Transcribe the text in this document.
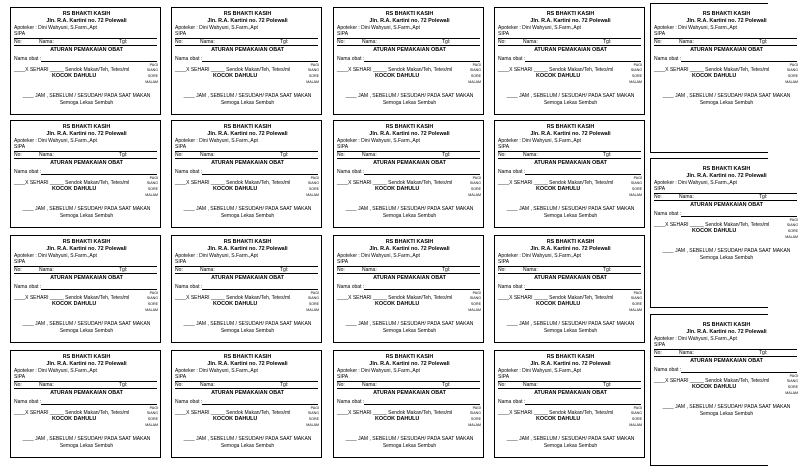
RS BHAKTI KASIH
Jln. R.A. Kartini no. 72 Polewali
Apoteker : Dini Wahyuni, S.Farm.,Apt
SIPA
No:	Nama:	Tgl:
ATURAN PEMAKAIAN OBAT
Nama obat :
PAGI
____X SEHARI _____ Sendok Makan/Teh, Tetes/ml	SIANG
KOCOK DAHULU	SORE
MALAM
____ JAM , SEBELUM / SESUDAH/ PADA SAAT MAKAN
Semoga Lekas Sembuh
RS BHAKTI KASIH
Jln. R.A. Kartini no. 72 Polewali
Apoteker : Dini Wahyuni, S.Farm.,Apt
SIPA
No:	Nama:	Tgl:
ATURAN PEMAKAIAN OBAT
Nama obat :
PAGI
____X SEHARI _____ Sendok Makan/Teh, Tetes/ml	SIANG
KOCOK DAHULU	SORE
MALAM
____ JAM , SEBELUM / SESUDAH/ PADA SAAT MAKAN
Semoga Lekas Sembuh
RS BHAKTI KASIH
Jln. R.A. Kartini no. 72 Polewali
Apoteker : Dini Wahyuni, S.Farm.,Apt
SIPA
No:	Nama:	Tgl:
ATURAN PEMAKAIAN OBAT
Nama obat :
PAGI
____X SEHARI _____ Sendok Makan/Teh, Tetes/ml	SIANG
KOCOK DAHULU	SORE
MALAM
____ JAM , SEBELUM / SESUDAH/ PADA SAAT MAKAN
Semoga Lekas Sembuh
RS BHAKTI KASIH
Jln. R.A. Kartini no. 72 Polewali
Apoteker : Dini Wahyuni, S.Farm.,Apt
SIPA
No:	Nama:	Tgl:
ATURAN PEMAKAIAN OBAT
Nama obat :
PAGI
____X SEHARI _____ Sendok Makan/Teh, Tetes/ml	SIANG
KOCOK DAHULU	SORE
MALAM
____ JAM , SEBELUM / SESUDAH/ PADA SAAT MAKAN
Semoga Lekas Sembuh
RS BHAKTI KASIH
Jln. R.A. Kartini no. 72 Polewali
Apoteker : Dini Wahyuni, S.Farm.,Apt
SIPA
No:	Nama:	Tgl:
ATURAN PEMAKAIAN OBAT
Nama obat :
PAGI
____X SEHARI _____ Sendok Makan/Teh, Tetes/ml	SIANG
KOCOK DAHULU	SORE
MALAM
____ JAM , SEBELUM / SESUDAH/ PADA SAAT MAKAN
Semoga Lekas Sembuh
RS BHAKTI KASIH
Jln. R.A. Kartini no. 72 Polewali
Apoteker : Dini Wahyuni, S.Farm.,Apt
SIPA
No:	Nama:	Tgl:
ATURAN PEMAKAIAN OBAT
Nama obat :
PAGI
____X SEHARI _____ Sendok Makan/Teh, Tetes/ml	SIANG
KOCOK DAHULU	SORE
MALAM
____ JAM , SEBELUM / SESUDAH/ PADA SAAT MAKAN
Semoga Lekas Sembuh
RS BHAKTI KASIH
Jln. R.A. Kartini no. 72 Polewali
Apoteker : Dini Wahyuni, S.Farm.,Apt
SIPA
No:	Nama:	Tgl:
ATURAN PEMAKAIAN OBAT
Nama obat :
PAGI
____X SEHARI _____ Sendok Makan/Teh, Tetes/ml	SIANG
KOCOK DAHULU	SORE
MALAM
____ JAM , SEBELUM / SESUDAH/ PADA SAAT MAKAN
Semoga Lekas Sembuh
RS BHAKTI KASIH
Jln. R.A. Kartini no. 72 Polewali
Apoteker : Dini Wahyuni, S.Farm.,Apt
SIPA
No:	Nama:	Tgl:
ATURAN PEMAKAIAN OBAT
Nama obat :
PAGI
____X SEHARI _____ Sendok Makan/Teh, Tetes/ml	SIANG
KOCOK DAHULU	SORE
MALAM
____ JAM , SEBELUM / SESUDAH/ PADA SAAT MAKAN
Semoga Lekas Sembuh
RS BHAKTI KASIH
Jln. R.A. Kartini no. 72 Polewali
Apoteker : Dini Wahyuni, S.Farm.,Apt
SIPA
No:	Nama:	Tgl:
ATURAN PEMAKAIAN OBAT
Nama obat :
PAGI
____X SEHARI _____ Sendok Makan/Teh, Tetes/ml	SIANG
KOCOK DAHULU	SORE
MALAM
____ JAM , SEBELUM / SESUDAH/ PADA SAAT MAKAN
Semoga Lekas Sembuh
RS BHAKTI KASIH
Jln. R.A. Kartini no. 72 Polewali
Apoteker : Dini Wahyuni, S.Farm.,Apt
SIPA
No:	Nama:	Tgl:
ATURAN PEMAKAIAN OBAT
Nama obat :
PAGI
____X SEHARI _____ Sendok Makan/Teh, Tetes/ml	SIANG
KOCOK DAHULU	SORE
MALAM
____ JAM , SEBELUM / SESUDAH/ PADA SAAT MAKAN
Semoga Lekas Sembuh
RS BHAKTI KASIH
Jln. R.A. Kartini no. 72 Polewali
Apoteker : Dini Wahyuni, S.Farm.,Apt
SIPA
No:	Nama:	Tgl:
ATURAN PEMAKAIAN OBAT
Nama obat :
PAGI
____X SEHARI _____ Sendok Makan/Teh, Tetes/ml	SIANG
KOCOK DAHULU	SORE
MALAM
____ JAM , SEBELUM / SESUDAH/ PADA SAAT MAKAN
Semoga Lekas Sembuh
RS BHAKTI KASIH
Jln. R.A. Kartini no. 72 Polewali
Apoteker : Dini Wahyuni, S.Farm.,Apt
SIPA
No:	Nama:	Tgl:
ATURAN PEMAKAIAN OBAT
Nama obat :
PAGI
____X SEHARI _____ Sendok Makan/Teh, Tetes/ml	SIANG
KOCOK DAHULU	SORE
MALAM
____ JAM , SEBELUM / SESUDAH/ PADA SAAT MAKAN
Semoga Lekas Sembuh
RS BHAKTI KASIH
Jln. R.A. Kartini no. 72 Polewali
Apoteker : Dini Wahyuni, S.Farm.,Apt
SIPA
No:	Nama:	Tgl:
ATURAN PEMAKAIAN OBAT
Nama obat :
PAGI
____X SEHARI _____ Sendok Makan/Teh, Tetes/ml	SIANG
KOCOK DAHULU	SORE
MALAM
____ JAM , SEBELUM / SESUDAH/ PADA SAAT MAKAN
Semoga Lekas Sembuh
RS BHAKTI KASIH
Jln. R.A. Kartini no. 72 Polewali
Apoteker : Dini Wahyuni, S.Farm.,Apt
SIPA
No:	Nama:	Tgl:
ATURAN PEMAKAIAN OBAT
Nama obat :
PAGI
____X SEHARI _____ Sendok Makan/Teh, Tetes/ml	SIANG
KOCOK DAHULU	SORE
MALAM
____ JAM , SEBELUM / SESUDAH/ PADA SAAT MAKAN
Semoga Lekas Sembuh
RS BHAKTI KASIH
Jln. R.A. Kartini no. 72 Polewali
Apoteker : Dini Wahyuni, S.Farm.,Apt
SIPA
No:	Nama:	Tgl:
ATURAN PEMAKAIAN OBAT
Nama obat :
PAGI
____X SEHARI _____ Sendok Makan/Teh, Tetes/ml	SIANG
KOCOK DAHULU	SORE
MALAM
____ JAM , SEBELUM / SESUDAH/ PADA SAAT MAKAN
Semoga Lekas Sembuh
RS BHAKTI KASIH
Jln. R.A. Kartini no. 72 Polewali
Apoteker : Dini Wahyuni, S.Farm.,Apt
SIPA
No:	Nama:	Tgl:
ATURAN PEMAKAIAN OBAT
Nama obat :
PAGI
____X SEHARI _____ Sendok Makan/Teh, Tetes/ml	SIANG
KOCOK DAHULU	SORE
MALAM
____ JAM , SEBELUM / SESUDAH/ PADA SAAT MAKAN
Semoga Lekas Sembuh
RS BHAKTI KASIH
Jln. R.A. Kartini no. 72 Polewali
Apoteker : Dini Wahyuni, S.Farm.,Apt
SIPA
No:	Nama:	Tgl:
ATURAN PEMAKAIAN OBAT
Nama obat :
PAGI
____X SEHARI _____ Sendok Makan/Teh, Tetes/ml	SIANG
KOCOK DAHULU	SORE
MALAM
____ JAM , SEBELUM / SESUDAH/ PADA SAAT MAKAN
Semoga Lekas Sembuh
RS BHAKTI KASIH
Jln. R.A. Kartini no. 72 Polewali
Apoteker : Dini Wahyuni, S.Farm.,Apt
SIPA
No:	Nama:	Tgl:
ATURAN PEMAKAIAN OBAT
Nama obat :
PAGI
____X SEHARI _____ Sendok Makan/Teh, Tetes/ml	SIANG
KOCOK DAHULU	SORE
MALAM
____ JAM , SEBELUM / SESUDAH/ PADA SAAT MAKAN
Semoga Lekas Sembuh
RS BHAKTI KASIH
Jln. R.A. Kartini no. 72 Polewali
Apoteker : Dini Wahyuni, S.Farm.,Apt
SIPA
No:	Nama:	Tgl:
ATURAN PEMAKAIAN OBAT
Nama obat :
PAGI
____X SEHARI _____ Sendok Makan/Teh, Tetes/ml	SIANG
KOCOK DAHULU	SORE
MALAM
____ JAM , SEBELUM / SESUDAH/ PADA SAAT MAKAN
Semoga Lekas Sembuh
